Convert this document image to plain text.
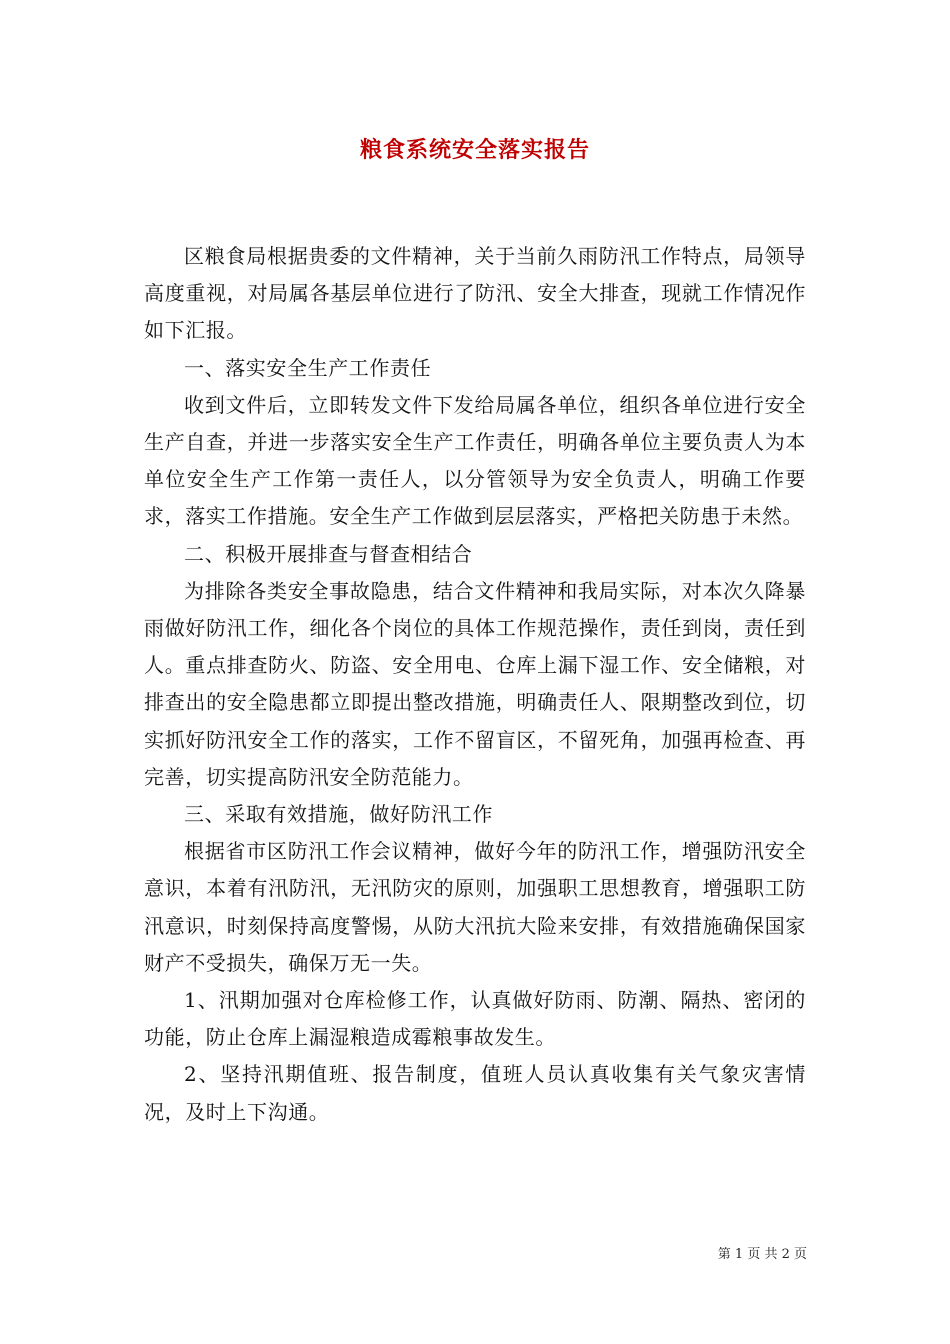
粮食系统安全落实报告

区粮食局根据贵委的文件精神，关于当前久雨防汛工作特点，局领导高度重视，对局属各基层单位进行了防汛、安全大排查，现就工作情况作如下汇报。

一、落实安全生产工作责任

收到文件后，立即转发文件下发给局属各单位，组织各单位进行安全生产自查，并进一步落实安全生产工作责任，明确各单位主要负责人为本单位安全生产工作第一责任人，以分管领导为安全负责人，明确工作要求，落实工作措施。安全生产工作做到层层落实，严格把关防患于未然。

二、积极开展排查与督查相结合

为排除各类安全事故隐患，结合文件精神和我局实际，对本次久降暴雨做好防汛工作，细化各个岗位的具体工作规范操作，责任到岗，责任到人。重点排查防火、防盗、安全用电、仓库上漏下湿工作、安全储粮，对排查出的安全隐患都立即提出整改措施，明确责任人、限期整改到位，切实抓好防汛安全工作的落实，工作不留盲区，不留死角，加强再检查、再完善，切实提高防汛安全防范能力。

三、采取有效措施，做好防汛工作

根据省市区防汛工作会议精神，做好今年的防汛工作，增强防汛安全意识，本着有汛防汛，无汛防灾的原则，加强职工思想教育，增强职工防汛意识，时刻保持高度警惕，从防大汛抗大险来安排，有效措施确保国家财产不受损失，确保万无一失。

1、汛期加强对仓库检修工作，认真做好防雨、防潮、隔热、密闭的功能，防止仓库上漏湿粮造成霉粮事故发生。

2、坚持汛期值班、报告制度，值班人员认真收集有关气象灾害情况，及时上下沟通。

第 1 页 共 2 页
